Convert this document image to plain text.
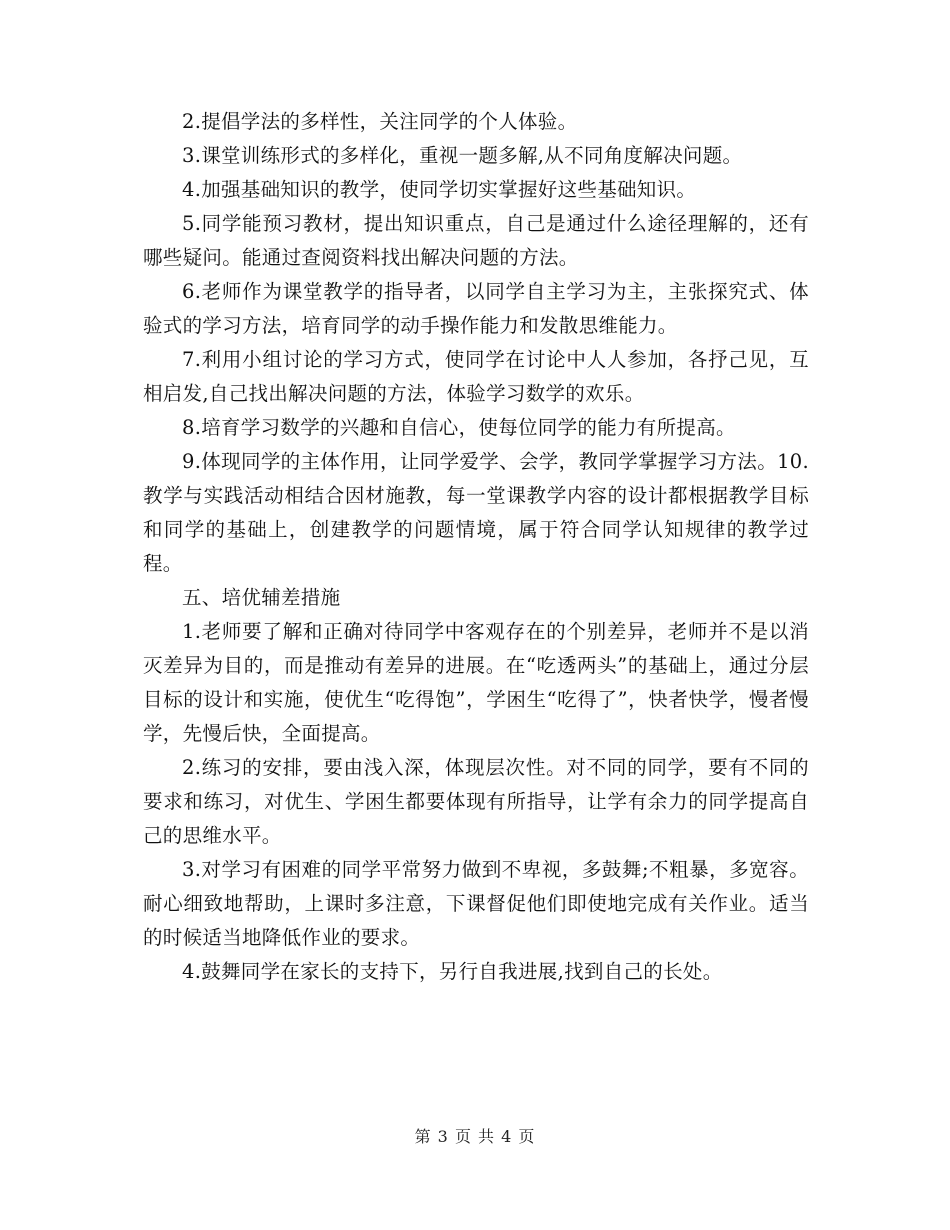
2.提倡学法的多样性，关注同学的个人体验。

3.课堂训练形式的多样化，重视一题多解,从不同角度解决问题。

4.加强基础知识的教学，使同学切实掌握好这些基础知识。

5.同学能预习教材，提出知识重点，自己是通过什么途径理解的，还有哪些疑问。能通过查阅资料找出解决问题的方法。

6.老师作为课堂教学的指导者，以同学自主学习为主，主张探究式、体验式的学习方法，培育同学的动手操作能力和发散思维能力。

7.利用小组讨论的学习方式，使同学在讨论中人人参加，各抒己见，互相启发,自己找出解决问题的方法，体验学习数学的欢乐。

8.培育学习数学的兴趣和自信心，使每位同学的能力有所提高。

9.体现同学的主体作用，让同学爱学、会学，教同学掌握学习方法。10.教学与实践活动相结合因材施教，每一堂课教学内容的设计都根据教学目标和同学的基础上，创建教学的问题情境，属于符合同学认知规律的教学过程。

五、培优辅差措施

1.老师要了解和正确对待同学中客观存在的个别差异，老师并不是以消灭差异为目的，而是推动有差异的进展。在“吃透两头”的基础上，通过分层目标的设计和实施，使优生“吃得饱”，学困生“吃得了”，快者快学，慢者慢学，先慢后快，全面提高。

2.练习的安排，要由浅入深，体现层次性。对不同的同学，要有不同的要求和练习，对优生、学困生都要体现有所指导，让学有余力的同学提高自己的思维水平。

3.对学习有困难的同学平常努力做到不卑视，多鼓舞;不粗暴，多宽容。耐心细致地帮助，上课时多注意，下课督促他们即使地完成有关作业。适当的时候适当地降低作业的要求。

4.鼓舞同学在家长的支持下，另行自我进展,找到自己的长处。

第 3 页 共 4 页
